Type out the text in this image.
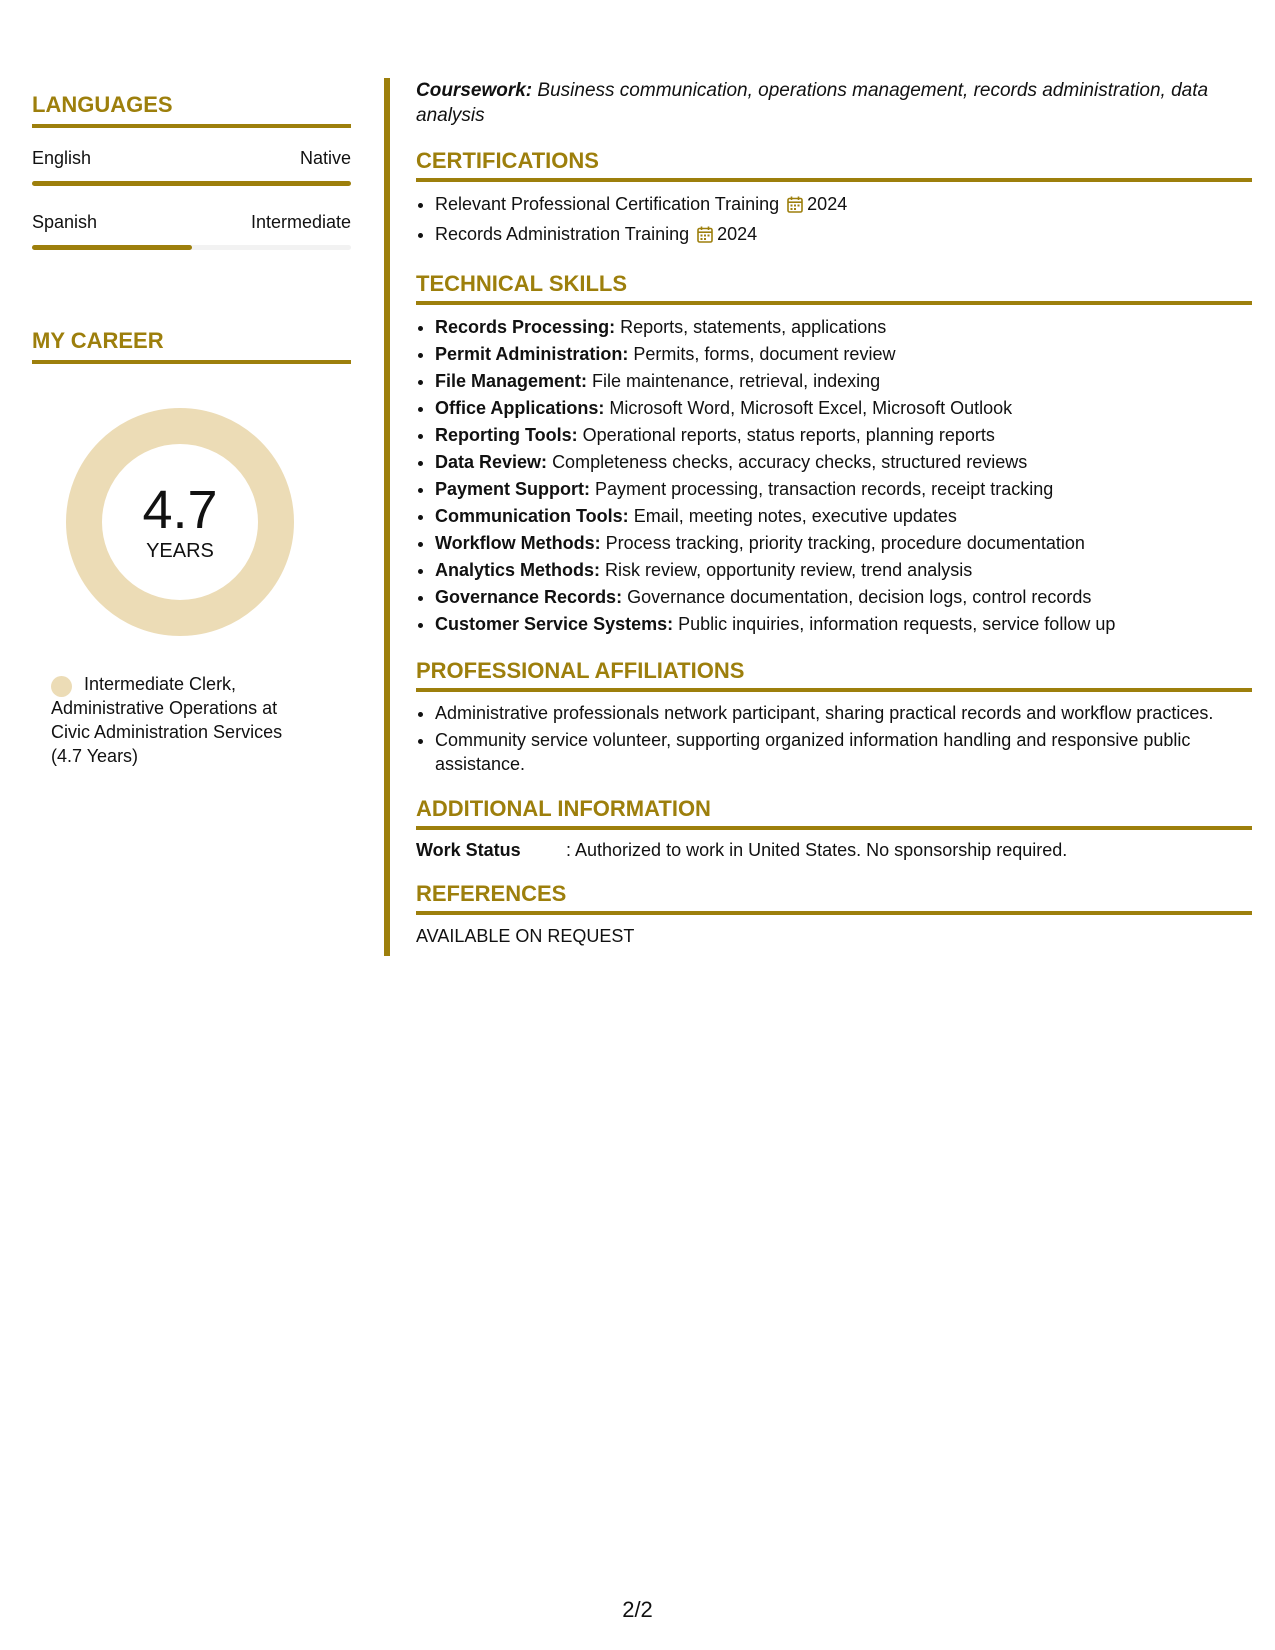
LANGUAGES
English	Native
Spanish	Intermediate
MY CAREER
4.7
YEARS
Intermediate Clerk, Administrative Operations at Civic Administration Services (4.7 Years)

Coursework: Business communication, operations management, records administration, data analysis

CERTIFICATIONS
• Relevant Professional Certification Training 2024
• Records Administration Training 2024
TECHNICAL SKILLS
• Records Processing: Reports, statements, applications
• Permit Administration: Permits, forms, document review
• File Management: File maintenance, retrieval, indexing
• Office Applications: Microsoft Word, Microsoft Excel, Microsoft Outlook
• Reporting Tools: Operational reports, status reports, planning reports
• Data Review: Completeness checks, accuracy checks, structured reviews
• Payment Support: Payment processing, transaction records, receipt tracking
• Communication Tools: Email, meeting notes, executive updates
• Workflow Methods: Process tracking, priority tracking, procedure documentation
• Analytics Methods: Risk review, opportunity review, trend analysis
• Governance Records: Governance documentation, decision logs, control records
• Customer Service Systems: Public inquiries, information requests, service follow up
PROFESSIONAL AFFILIATIONS
• Administrative professionals network participant, sharing practical records and workflow practices.
• Community service volunteer, supporting organized information handling and responsive public assistance.
ADDITIONAL INFORMATION
Work Status	: Authorized to work in United States. No sponsorship required.
REFERENCES
AVAILABLE ON REQUEST
2/2
